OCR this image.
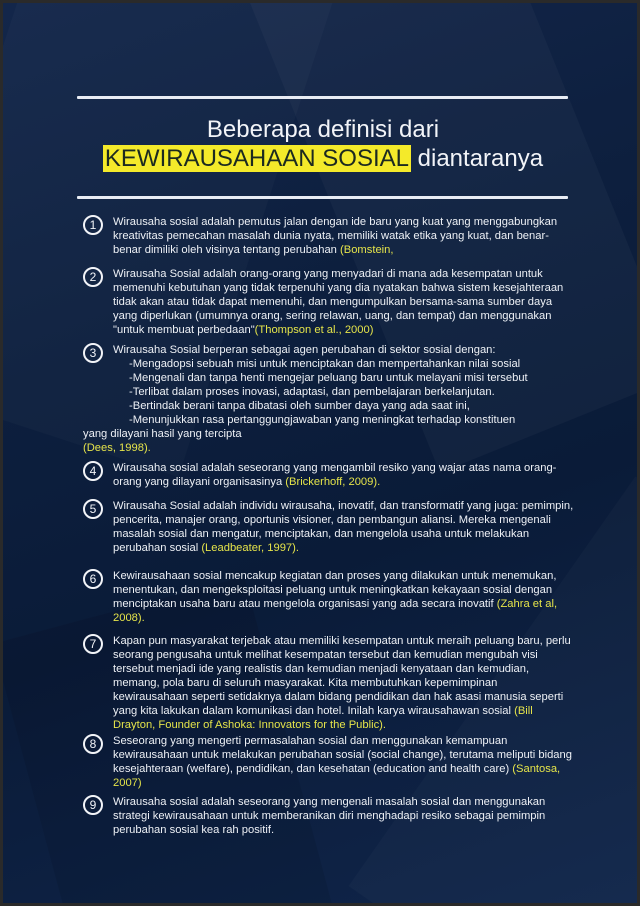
Beberapa definisi dari
KEWIRAUSAHAAN SOSIAL diantaranya
1	Wirausaha sosial adalah pemutus jalan dengan ide baru yang kuat yang menggabungkan kreativitas pemecahan masalah dunia nyata, memiliki watak etika yang kuat, dan benar-benar dimiliki oleh visinya tentang perubahan (Bomstein,
2	Wirausaha Sosial adalah orang-orang yang menyadari di mana ada kesempatan untuk memenuhi kebutuhan yang tidak terpenuhi yang dia nyatakan bahwa sistem kesejahteraan tidak akan atau tidak dapat memenuhi, dan mengumpulkan bersama-sama sumber daya yang diperlukan (umumnya orang, sering relawan, uang, dan tempat) dan menggunakan "untuk membuat perbedaan"(Thompson et al., 2000)
3	Wirausaha Sosial berperan sebagai agen perubahan di sektor sosial dengan:
-Mengadopsi sebuah misi untuk menciptakan dan mempertahankan nilai sosial
-Mengenali dan tanpa henti mengejar peluang baru untuk melayani misi tersebut
-Terlibat dalam proses inovasi, adaptasi, dan pembelajaran berkelanjutan.
-Bertindak berani tanpa dibatasi oleh sumber daya yang ada saat ini,
-Menunjukkan rasa pertanggungjawaban yang meningkat terhadap konstituen
yang dilayani hasil yang tercipta
(Dees, 1998).
4	Wirausaha sosial adalah seseorang yang mengambil resiko yang wajar atas nama orang-orang yang dilayani organisasinya (Brickerhoff, 2009).
5	Wirausaha Sosial adalah individu wirausaha, inovatif, dan transformatif yang juga: pemimpin, pencerita, manajer orang, oportunis visioner, dan pembangun aliansi. Mereka mengenali masalah sosial dan mengatur, menciptakan, dan mengelola usaha untuk melakukan perubahan sosial (Leadbeater, 1997).
6	Kewirausahaan sosial mencakup kegiatan dan proses yang dilakukan untuk menemukan, menentukan, dan mengeksploitasi peluang untuk meningkatkan kekayaan sosial dengan menciptakan usaha baru atau mengelola organisasi yang ada secara inovatif (Zahra et al, 2008).
7	Kapan pun masyarakat terjebak atau memiliki kesempatan untuk meraih peluang baru, perlu seorang pengusaha untuk melihat kesempatan tersebut dan kemudian mengubah visi tersebut menjadi ide yang realistis dan kemudian menjadi kenyataan dan kemudian, memang, pola baru di seluruh masyarakat. Kita membutuhkan kepemimpinan kewirausahaan seperti setidaknya dalam bidang pendidikan dan hak asasi manusia seperti yang kita lakukan dalam komunikasi dan hotel. Inilah karya wirausahawan sosial (Bill Drayton, Founder of Ashoka: Innovators for the Public).
8	Seseorang yang mengerti permasalahan sosial dan menggunakan kemampuan kewirausahaan untuk melakukan perubahan sosial (social change), terutama meliputi bidang kesejahteraan (welfare), pendidikan, dan kesehatan (education and health care) (Santosa, 2007)
9	Wirausaha sosial adalah seseorang yang mengenali masalah sosial dan menggunakan strategi kewirausahaan untuk memberanikan diri menghadapi resiko sebagai pemimpin perubahan sosial kea rah positif.
